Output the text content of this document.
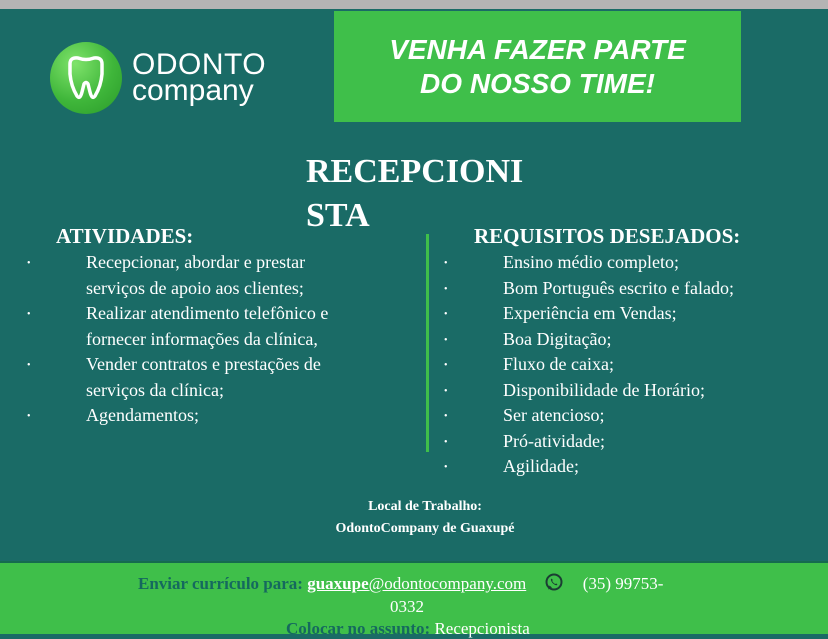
ODONTO
company
VENHA FAZER PARTE
DO NOSSO TIME!
RECEPCIONI
STA
ATIVIDADES:	REQUISITOS DESEJADOS:
•	Recepcionar, abordar e prestar
serviços de apoio aos clientes;
•	Realizar atendimento telefônico e
fornecer informações da clínica,
•	Vender contratos e prestações de
serviços da clínica;
•	Agendamentos;
•	Ensino médio completo;
•	Bom Português escrito e falado;
•	Experiência em Vendas;
•	Boa Digitação;
•	Fluxo de caixa;
•	Disponibilidade de Horário;
•	Ser atencioso;
•	Pró-atividade;
•	Agilidade;
Local de Trabalho:
OdontoCompany de Guaxupé
Enviar currículo para: guaxupe@odontocompany.com	(35) 99753-
0332
Colocar no assunto: Recepcionista
